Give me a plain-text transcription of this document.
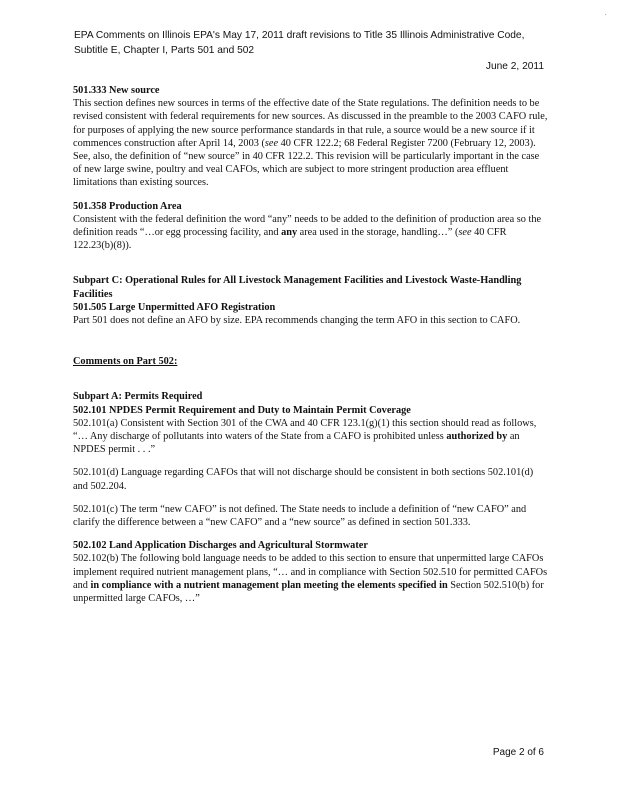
·
EPA Comments on Illinois EPA's May 17, 2011 draft revisions to Title 35 Illinois Administrative Code,
Subtitle E, Chapter I, Parts 501 and 502
June 2, 2011

501.333 New source

This section defines new sources in terms of the effective date of the State regulations. The definition needs to be revised consistent with federal requirements for new sources. As discussed in the preamble to the 2003 CAFO rule, for purposes of applying the new source performance standards in that rule, a source would be a new source if it commences construction after April 14, 2003 (see 40 CFR 122.2; 68 Federal Register 7200 (February 12, 2003). See, also, the definition of “new source” in 40 CFR 122.2. This revision will be particularly important in the case of new large swine, poultry and veal CAFOs, which are subject to more stringent production area effluent limitations than existing sources.

501.358 Production Area

Consistent with the federal definition the word “any” needs to be added to the definition of production area so the definition reads “…or egg processing facility, and any area used in the storage, handling…” (see 40 CFR 122.23(b)(8)).

Subpart C: Operational Rules for All Livestock Management Facilities and Livestock Waste-Handling Facilities

501.505 Large Unpermitted AFO Registration

Part 501 does not define an AFO by size. EPA recommends changing the term AFO in this section to CAFO.

Comments on Part 502:

Subpart A: Permits Required

502.101 NPDES Permit Requirement and Duty to Maintain Permit Coverage

502.101(a) Consistent with Section 301 of the CWA and 40 CFR 123.1(g)(1) this section should read as follows, “… Any discharge of pollutants into waters of the State from a CAFO is prohibited unless authorized by an NPDES permit . . .”

502.101(d) Language regarding CAFOs that will not discharge should be consistent in both sections 502.101(d) and 502.204.

502.101(c) The term “new CAFO” is not defined. The State needs to include a definition of “new CAFO” and clarify the difference between a “new CAFO” and a “new source” as defined in section 501.333.

502.102 Land Application Discharges and Agricultural Stormwater

502.102(b) The following bold language needs to be added to this section to ensure that unpermitted large CAFOs implement required nutrient management plans, “… and in compliance with Section 502.510 for permitted CAFOs and in compliance with a nutrient management plan meeting the elements specified in Section 502.510(b) for unpermitted large CAFOs, …”

Page 2 of 6
